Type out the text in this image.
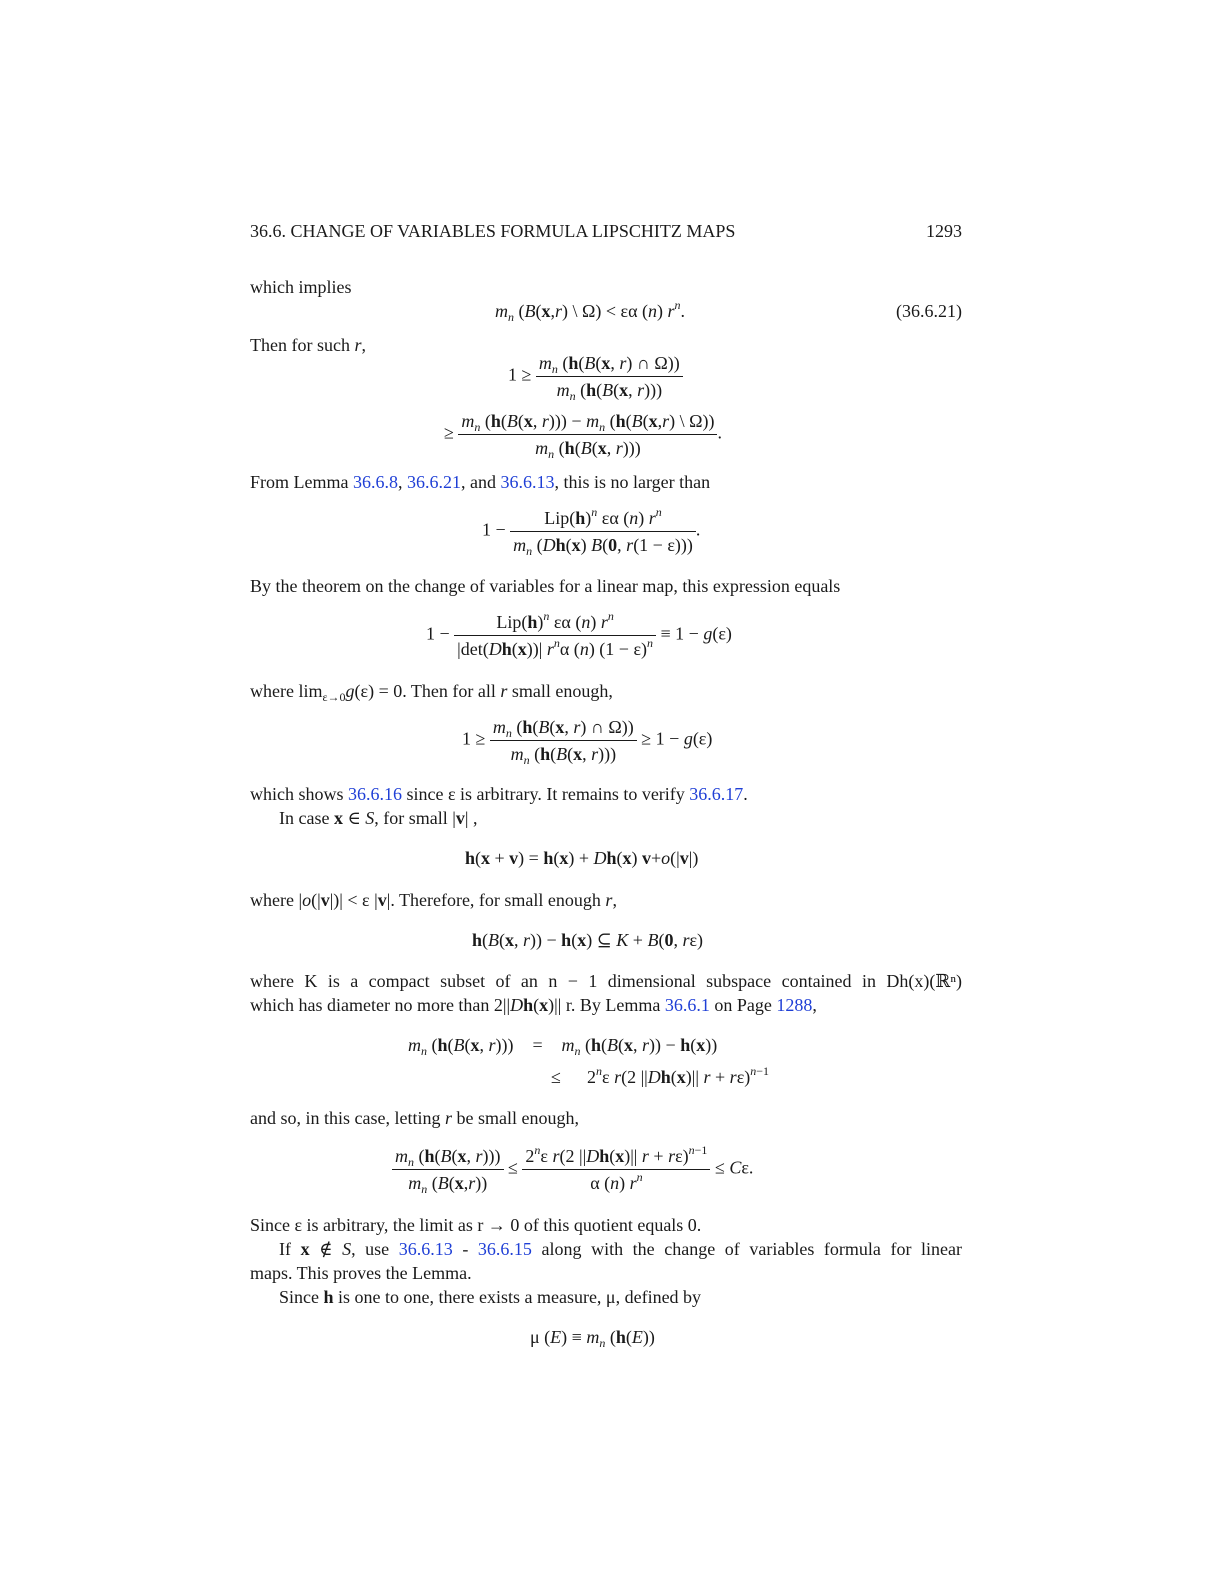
36.6. CHANGE OF VARIABLES FORMULA LIPSCHITZ MAPS	1293
which implies
$m_n$ (B(x,r) \ Ω) < εα (n) $r^n$.	(36.6.21)
Then for such r,
$1 \ge \frac{m_n (h(B(x, r) \cap \Omega))}{m_n (h(B(x, r)))}$
≥ $\frac{m_n (h(B(x, r))) - m_n (h(B(x,r) \backslash \Omega))}{m_n (h(B(x, r)))}$ .
From Lemma 36.6.8, 36.6.21, and 36.6.13, this is no larger than
$1 - \frac{Lip(h)^n \varepsilon\alpha (n) r^n}{m_n (Dh(x) B(0, r(1 - \varepsilon)))}$ .
By the theorem on the change of variables for a linear map, this expression equals
$1 - \frac{Lip(h)^n \varepsilon\alpha (n) r^n}{|\det(Dh(x))| r^n\alpha (n) (1 - \varepsilon)^n} \equiv 1 - g(\varepsilon)$
where $\lim_{\varepsilon\to 0}g(\varepsilon) = 0$. Then for all r small enough,
$1 \ge \frac{m_n (h(B(x, r) \cap \Omega))}{m_n (h(B(x, r)))} \ge 1 - g(\varepsilon)$
which shows 36.6.16 since ε is arbitrary. It remains to verify 36.6.17.
In case x ∈ S, for small |v| ,
h(x + v) = h(x) + Dh(x) v+o(|v|)
where |o(|v|)| < ε |v|. Therefore, for small enough r,
h(B(x, r)) − h(x) ⊆ K + B(0, rε)
where K is a compact subset of an n − 1 dimensional subspace contained in Dh(x)(ℝⁿ)
which has diameter no more than 2||Dh(x)|| r. By Lemma 36.6.1 on Page 1288,
$m_n$ (h(B(x, $r))) = m_n$ (h(B(x, r)) − h(x))
≤ $2^n\varepsilon$ r(2 ||Dh(x)|| r + rε)$^{n-1}$
and so, in this case, letting r be small enough,
$\frac{m_n (h(B(x, r)))}{m_n (B(x,r))} \le \frac{2^n\varepsilon r(2 ||Dh(x)|| r + r\varepsilon)^{n-1}}{\alpha (n) r^n} \le C\varepsilon$.
Since ε is arbitrary, the limit as r → 0 of this quotient equals 0.
If x ∉ S, use 36.6.13 - 36.6.15 along with the change of variables formula for linear
maps. This proves the Lemma.
Since h is one to one, there exists a measure, μ, defined by
μ $(E) \equiv m_n$ (h(E))
